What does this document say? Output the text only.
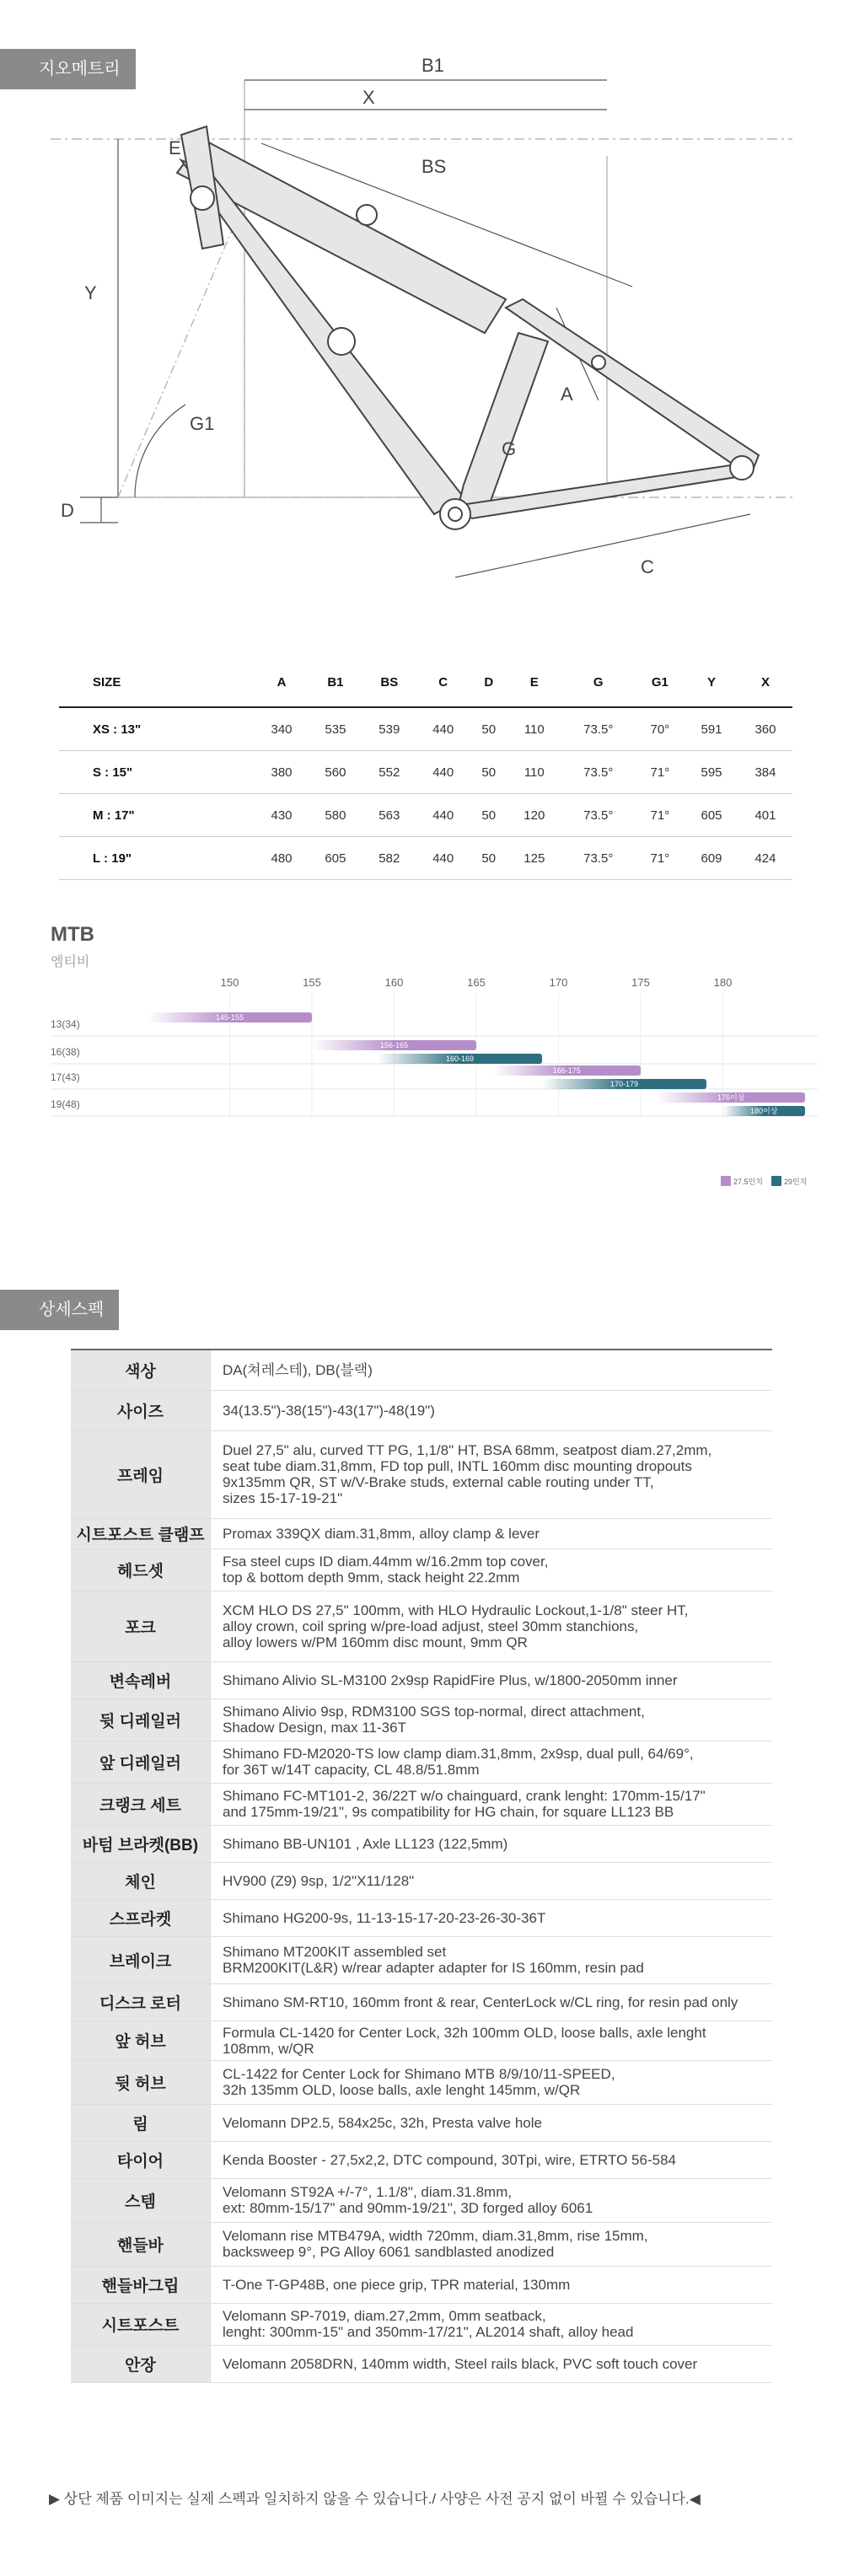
지오메트리	B1
X
E
BS
Y
G1
G
A
C
D
SIZE	A	B1	BS	C	D	E	G	G1	Y	X
XS : 13"	340	535	539	440	50	110	73.5°	70°	591	360
S : 15"	380	560	552	440	50	110	73.5°	71°	595	384
M : 17"	430	580	563	440	50	120	73.5°	71°	605	401
L : 19"	480	605	582	440	50	125	73.5°	71°	609	424
MTB
엠티비
150	155	160	165	170	175	180
13(34)
16(38)
17(43)
19(48)
145-155
156-165
166-175
176이상
160-169
170-179
180이상
27.5인치	29인치
상세스펙
색상	DA(쳐레스테), DB(블랙)

사이즈	34(13.5")-38(15")-43(17")-48(19")

프레임	Duel 27,5" alu, curved TT PG, 1,1/8" HT, BSA 68mm, seatpost diam.27,2mm,
seat tube diam.31,8mm, FD top pull, INTL 160mm disc mounting dropouts
9x135mm QR, ST w/V-Brake studs, external cable routing under TT,
sizes 15-17-19-21"

시트포스트 클램프	Promax 339QX diam.31,8mm, alloy clamp & lever

헤드셋	Fsa steel cups ID diam.44mm w/16.2mm top cover,
top & bottom depth 9mm, stack height 22.2mm

포크	XCM HLO DS 27,5" 100mm, with HLO Hydraulic Lockout,1-1/8" steer HT,
alloy crown, coil spring w/pre-load adjust, steel 30mm stanchions,
alloy lowers w/PM 160mm disc mount, 9mm QR

변속레버	Shimano Alivio SL-M3100 2x9sp RapidFire Plus, w/1800-2050mm inner

뒷 디레일러	Shimano Alivio 9sp, RDM3100 SGS top-normal, direct attachment,
Shadow Design, max 11-36T

앞 디레일러	Shimano FD-M2020-TS low clamp diam.31,8mm, 2x9sp, dual pull, 64/69°,
for 36T w/14T capacity, CL 48.8/51.8mm

크랭크 세트	Shimano FC-MT101-2, 36/22T w/o chainguard, crank lenght: 170mm-15/17"
and 175mm-19/21", 9s compatibility for HG chain, for square LL123 BB

바텀 브라켓(BB)	Shimano BB-UN101 , Axle LL123 (122,5mm)

체인	HV900 (Z9) 9sp, 1/2"X11/128"

스프라켓	Shimano HG200-9s, 11-13-15-17-20-23-26-30-36T

브레이크	Shimano MT200KIT assembled set
BRM200KIT(L&R) w/rear adapter adapter for IS 160mm, resin pad

디스크 로터	Shimano SM-RT10, 160mm front & rear, CenterLock w/CL ring, for resin pad only

앞 허브	Formula CL-1420 for Center Lock, 32h 100mm OLD, loose balls, axle lenght 108mm, w/QR

뒷 허브	CL-1422 for Center Lock for Shimano MTB 8/9/10/11-SPEED,
32h 135mm OLD, loose balls, axle lenght 145mm, w/QR

림	Velomann DP2.5, 584x25c, 32h, Presta valve hole

타이어	Kenda Booster - 27,5x2,2, DTC compound, 30Tpi, wire, ETRTO 56-584

스템	Velomann ST92A +/-7°, 1.1/8", diam.31.8mm,
ext: 80mm-15/17" and 90mm-19/21", 3D forged alloy 6061

핸들바	Velomann rise MTB479A, width 720mm, diam.31,8mm, rise 15mm,
backsweep 9°, PG Alloy 6061 sandblasted anodized

핸들바그립	T-One T-GP48B, one piece grip, TPR material, 130mm

시트포스트	Velomann SP-7019, diam.27,2mm, 0mm seatback,
lenght: 300mm-15" and 350mm-17/21", AL2014 shaft, alloy head

안장	Velomann 2058DRN, 140mm width, Steel rails black, PVC soft touch cover
▶ 상단 제품 이미지는 실제 스펙과 일치하지 않을 수 있습니다./ 사양은 사전 공지 없이 바뀔 수 있습니다.◀
